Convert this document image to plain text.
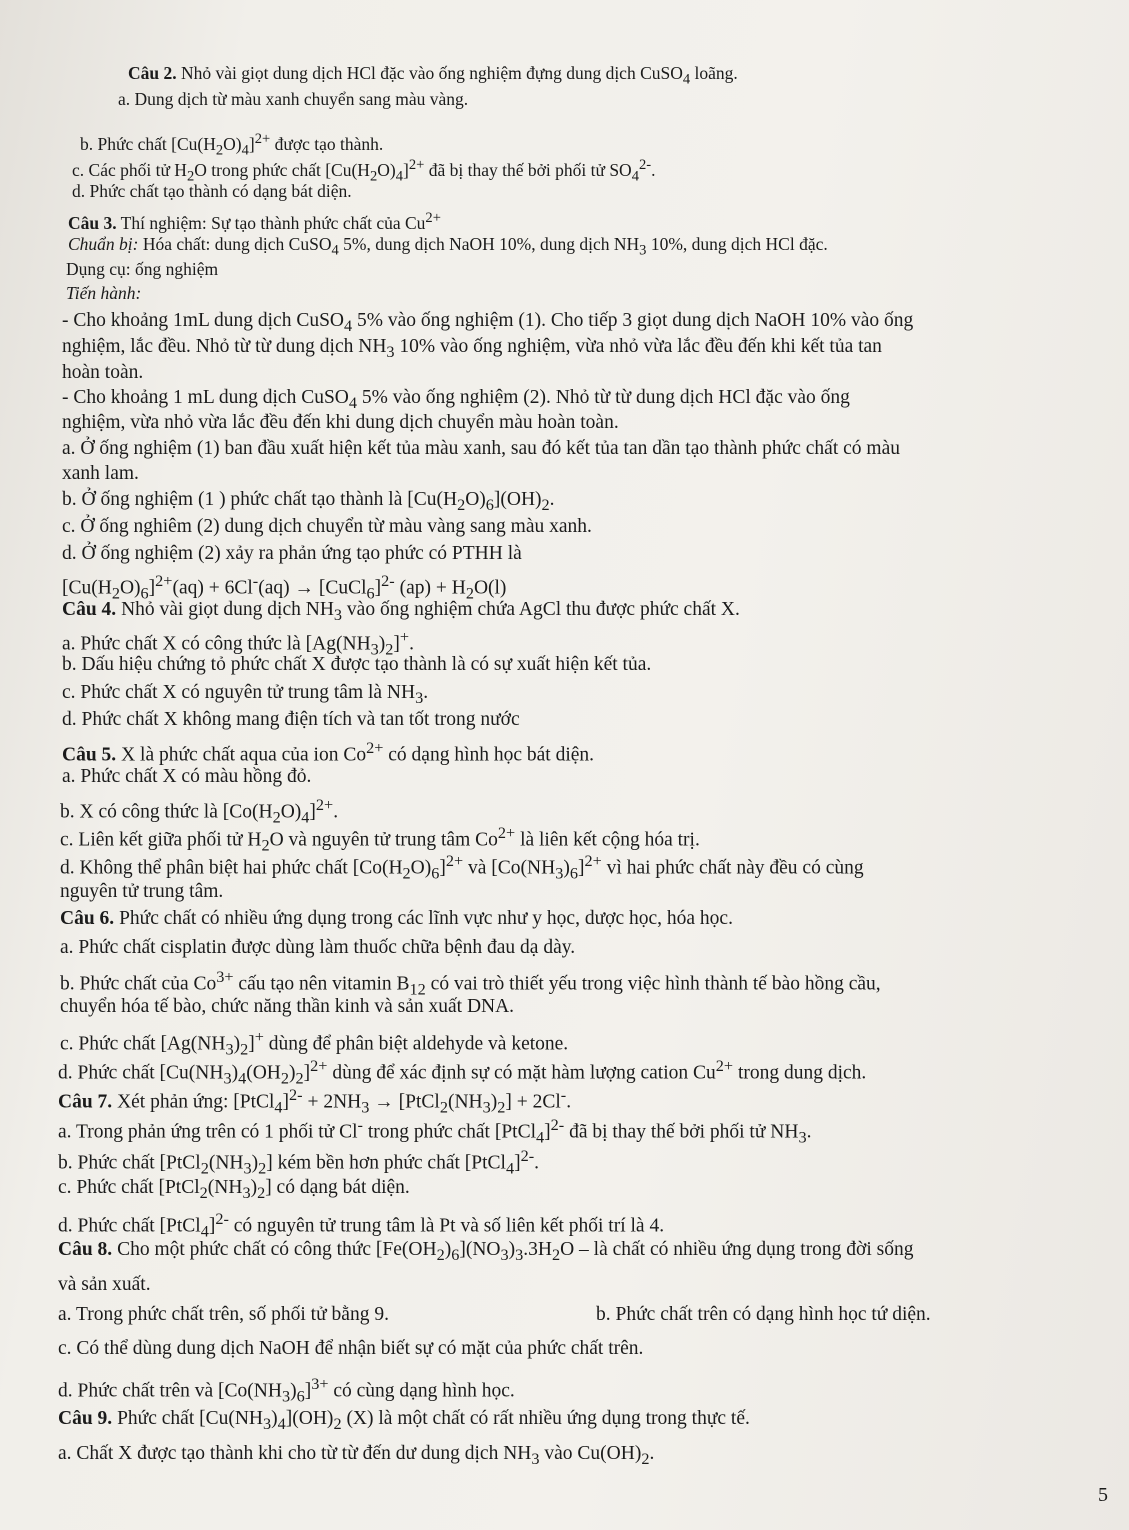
Câu 2. Nhỏ vài giọt dung dịch HCl đặc vào ống nghiệm đựng dung dịch CuSO$_4$ loãng.
a. Dung dịch từ màu xanh chuyển sang màu vàng.
b. Phức chất $[Cu(H_2O)_4]^{2+}$ được tạo thành.
c. Các phối tử $H_2O$ trong phức chất $[Cu(H_2O)_4]^{2+}$ đã bị thay thế bởi phối tử $SO_4^{2-}$.
d. Phức chất tạo thành có dạng bát diện.
Câu 3. Thí nghiệm: Sự tạo thành phức chất của $Cu^{2+}$
Chuẩn bị: Hóa chất: dung dịch CuSO$_4$ 5%, dung dịch NaOH 10%, dung dịch $NH_3$ 10%, dung dịch HCl đặc.
Dụng cụ: ống nghiệm
Tiến hành:
- Cho khoảng 1mL dung dịch CuSO$_4$ 5% vào ống nghiệm (1). Cho tiếp 3 giọt dung dịch NaOH 10% vào ống
nghiệm, lắc đều. Nhỏ từ từ dung dịch $NH_3$ 10% vào ống nghiệm, vừa nhỏ vừa lắc đều đến khi kết tủa tan
hoàn toàn.
- Cho khoảng 1 mL dung dịch CuSO$_4$ 5% vào ống nghiệm (2). Nhỏ từ từ dung dịch HCl đặc vào ống
nghiệm, vừa nhỏ vừa lắc đều đến khi dung dịch chuyển màu hoàn toàn.
a. Ở ống nghiệm (1) ban đầu xuất hiện kết tủa màu xanh, sau đó kết tủa tan dần tạo thành phức chất có màu
xanh lam.
b. Ở ống nghiệm (1 ) phức chất tạo thành là $[Cu(H_2O)_6](OH)_2$.
c. Ở ống nghiêm (2) dung dịch chuyển từ màu vàng sang màu xanh.
d. Ở ống nghiệm (2) xảy ra phản ứng tạo phức có PTHH là
$[Cu(H_2O)_6]^{2+}(aq) + 6Cl^-(aq)$ → [CuCl$_6$]$^{2-}$ $(ap) + H_2O(l)$
Câu 4. Nhỏ vài giọt dung dịch $NH_3$ vào ống nghiệm chứa AgCl thu được phức chất X.
a. Phức chất X có công thức là $[Ag(NH_3)_2]^+$.
b. Dấu hiệu chứng tỏ phức chất X được tạo thành là có sự xuất hiện kết tủa.
c. Phức chất X có nguyên tử trung tâm là $NH_3$.
d. Phức chất X không mang điện tích và tan tốt trong nước
Câu 5. X là phức chất aqua của ion $Co^{2+}$ có dạng hình học bát diện.
a. Phức chất X có màu hồng đỏ.
b. X có công thức là $[Co(H_2O)_4]^{2+}$.
c. Liên kết giữa phối tử $H_2O$ và nguyên tử trung tâm $Co^{2+}$ là liên kết cộng hóa trị.
d. Không thể phân biệt hai phức chất $[Co(H_2O)_6]^{2+}$ và $[Co(NH_3)_6]^{2+}$ vì hai phức chất này đều có cùng
nguyên tử trung tâm.
Câu 6. Phức chất có nhiều ứng dụng trong các lĩnh vực như y học, dược học, hóa học.
a. Phức chất cisplatin được dùng làm thuốc chữa bệnh đau dạ dày.
b. Phức chất của $Co^{3+}$ cấu tạo nên vitamin $B_{12}$ có vai trò thiết yếu trong việc hình thành tế bào hồng cầu,
chuyển hóa tế bào, chức năng thần kinh và sản xuất DNA.
c. Phức chất $[Ag(NH_3)_2]^+$ dùng để phân biệt aldehyde và ketone.
d. Phức chất $[Cu(NH_3)_4(OH_2)_2]^{2+}$ dùng để xác định sự có mặt hàm lượng cation $Cu^{2+}$ trong dung dịch.
Câu 7. Xét phản ứng: [PtCl$_4$]$^{2-}$ + $2NH_3$ → $[PtCl_2(NH_3)_2] + 2Cl^-$.
a. Trong phản ứng trên có 1 phối tử Cl- trong phức chất [PtCl$_4$]$^{2-}$ đã bị thay thế bởi phối tử $NH_3$.
b. Phức chất $[PtCl_2(NH_3)_2]$ kém bền hơn phức chất [PtCl$_4$]$^{2-}$.
c. Phức chất $[PtCl_2(NH_3)_2]$ có dạng bát diện.
d. Phức chất [PtCl$_4$]$^{2-}$ có nguyên tử trung tâm là Pt và số liên kết phối trí là 4.
Câu 8. Cho một phức chất có công thức $[Fe(OH_2)_6](NO_3)_3.3H_2O$ – là chất có nhiều ứng dụng trong đời sống
và sản xuất.
a. Trong phức chất trên, số phối tử bằng 9.	b. Phức chất trên có dạng hình học tứ diện.
c. Có thể dùng dung dịch NaOH để nhận biết sự có mặt của phức chất trên.
d. Phức chất trên và $[Co(NH_3)_6]^{3+}$ có cùng dạng hình học.
Câu 9. Phức chất $[Cu(NH_3)_4](OH)_2$ (X) là một chất có rất nhiều ứng dụng trong thực tế.
a. Chất X được tạo thành khi cho từ từ đến dư dung dịch $NH_3$ vào $Cu(OH)_2$.
5
